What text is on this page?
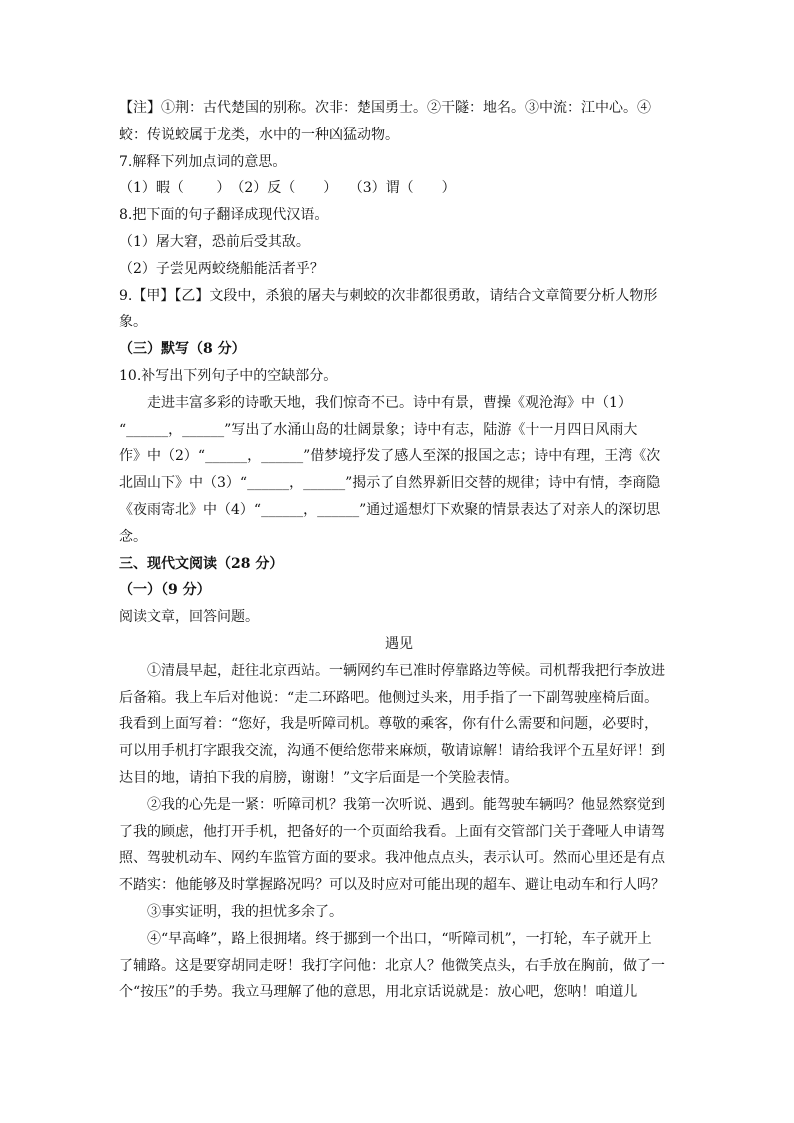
【注】①荆：古代楚国的别称。次非：楚国勇士。②干隧：地名。③中流：江中心。④
蛟：传说蛟属于龙类，水中的一种凶猛动物。
7.解释下列加点词的意思。
（1）暇（　　 ）　（2）反（　　）　 （3）谓（　　）
8.把下面的句子翻译成现代汉语。
（1）屠大窘，恐前后受其敌。
（2）子尝见两蛟绕船能活者乎？
9.【甲】【乙】文段中，杀狼的屠夫与刺蛟的次非都很勇敢，请结合文章简要分析人物形
象。
（三）默写（8 分）
10.补写出下列句子中的空缺部分。
走进丰富多彩的诗歌天地，我们惊奇不已。诗中有景，曹操《观沧海》中（1）
“______，______”写出了水涌山岛的壮阔景象；诗中有志，陆游《十一月四日风雨大
作》中（2）“______，______”借梦境抒发了感人至深的报国之志；诗中有理，王湾《次
北固山下》中（3）“______，______”揭示了自然界新旧交替的规律；诗中有情，李商隐
《夜雨寄北》中（4）“______，______”通过遥想灯下欢聚的情景表达了对亲人的深切思
念。
三、现代文阅读（28 分）
（一）（9 分）
阅读文章，回答问题。
遇见
①清晨早起，赶往北京西站。一辆网约车已准时停靠路边等候。司机帮我把行李放进
后备箱。我上车后对他说：“走二环路吧。他侧过头来，用手指了一下副驾驶座椅后面。
我看到上面写着：“您好，我是听障司机。尊敬的乘客，你有什么需要和问题，必要时，
可以用手机打字跟我交流，沟通不便给您带来麻烦，敬请谅解！请给我评个五星好评！到
达目的地，请拍下我的肩膀，谢谢！”文字后面是一个笑脸表情。
②我的心先是一紧：听障司机？我第一次听说、遇到。能驾驶车辆吗？他显然察觉到
了我的顾虑，他打开手机，把备好的一个页面给我看。上面有交管部门关于聋哑人申请驾
照、驾驶机动车、网约车监管方面的要求。我冲他点点头，表示认可。然而心里还是有点
不踏实：他能够及时掌握路况吗？可以及时应对可能出现的超车、避让电动车和行人吗？
③事实证明，我的担忧多余了。
④“早高峰”，路上很拥堵。终于挪到一个出口，“听障司机”，一打轮，车子就开上
了辅路。这是要穿胡同走呀！我打字问他：北京人？他微笑点头，右手放在胸前，做了一
个“按压”的手势。我立马理解了他的意思，用北京话说就是：放心吧，您呐！咱道儿
